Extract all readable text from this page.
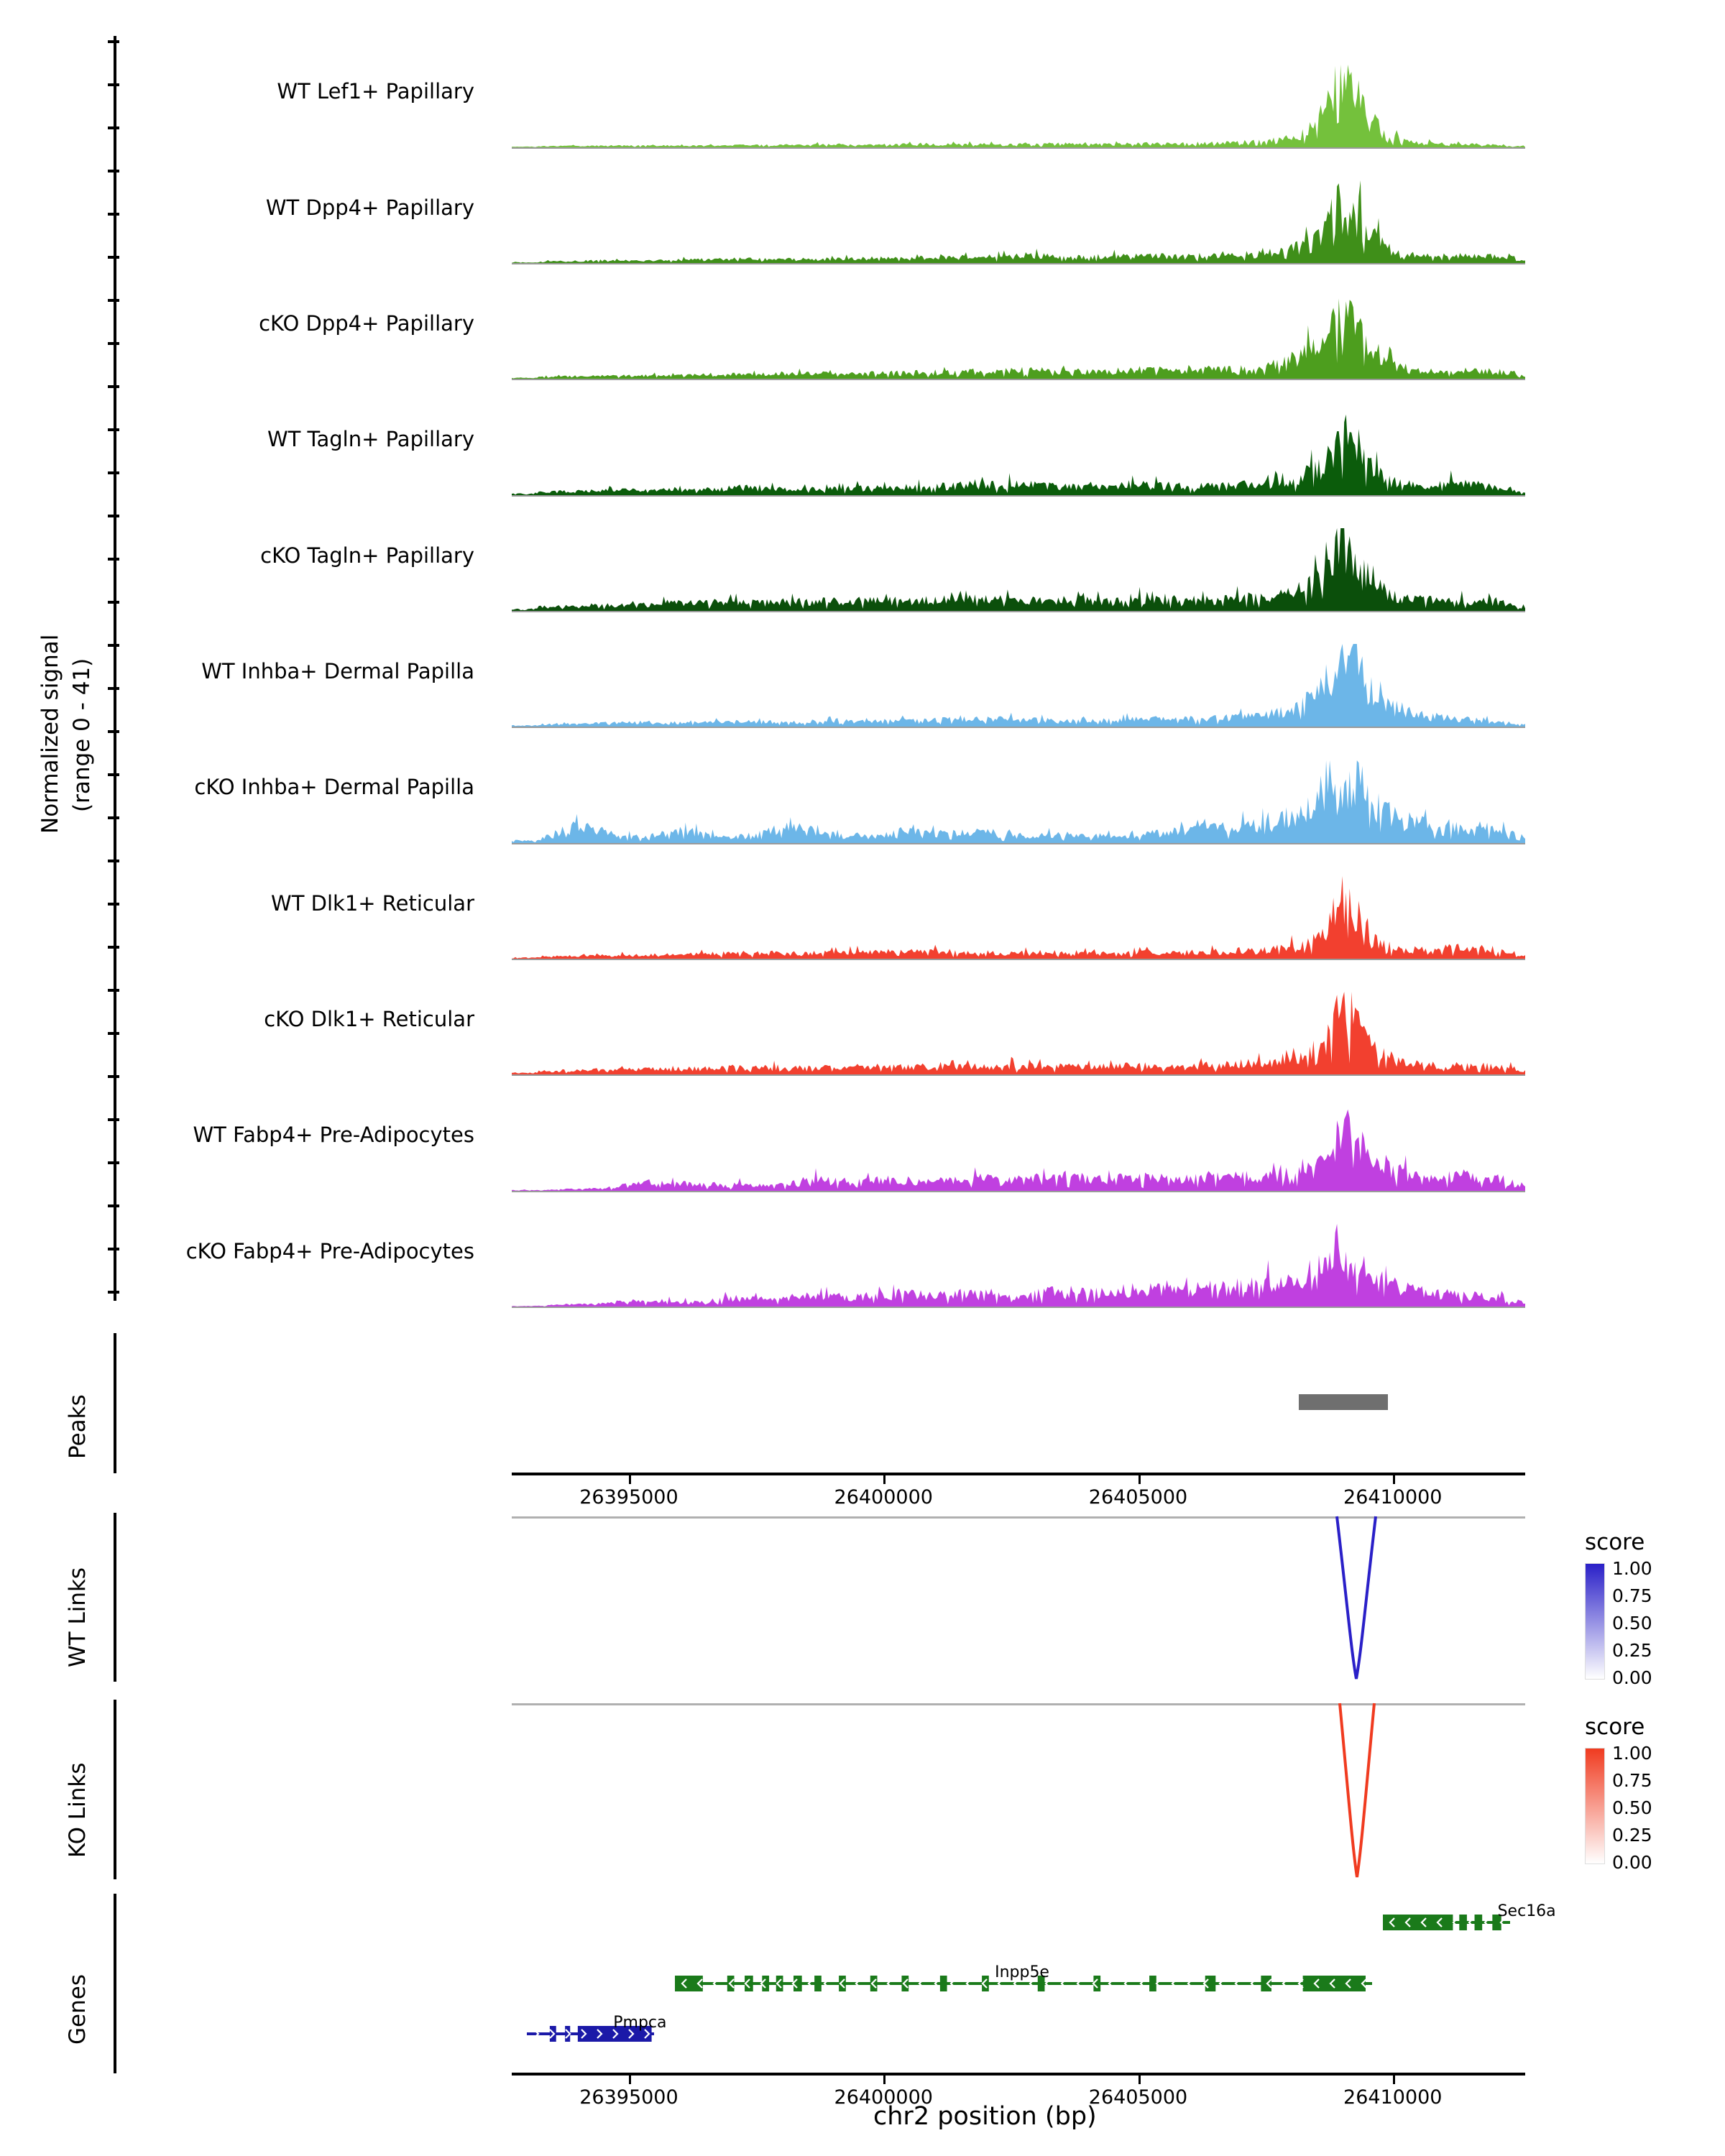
Normalized signal (range 0 - 41)
WT Lef1+ Papillary
WT Dpp4+ Papillary
cKO Dpp4+ Papillary
WT Tagln+ Papillary
cKO Tagln+ Papillary
WT Inhba+ Dermal Papilla
cKO Inhba+ Dermal Papilla
WT Dlk1+ Reticular
cKO Dlk1+ Reticular
WT Fabp4+ Pre-Adipocytes
cKO Fabp4+ Pre-Adipocytes
Peaks
26395000	26400000	26405000	26410000
WT Links
score
1.00
0.75
0.50
0.25
0.00
KO Links
score
1.00
0.75
0.50
0.25
0.00
Genes
Sec16a
Inpp5e
Pmpca
26395000	26400000	26405000	26410000
chr2 position (bp)
